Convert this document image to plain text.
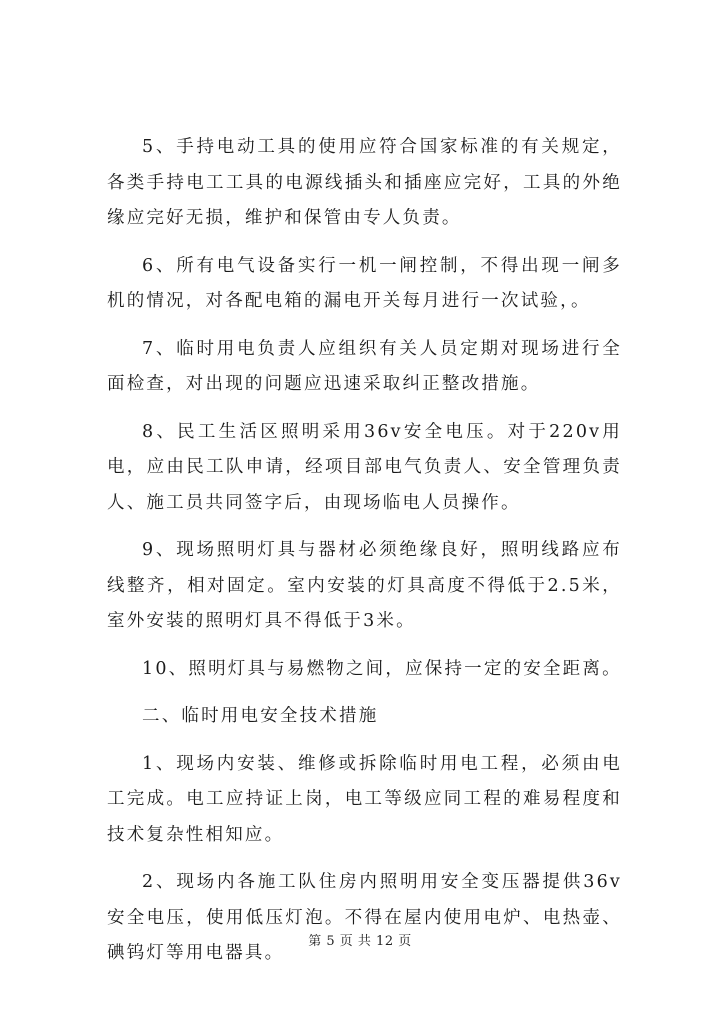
5、手持电动工具的使用应符合国家标准的有关规定，各类手持电工工具的电源线插头和插座应完好，工具的外绝缘应完好无损，维护和保管由专人负责。

6、所有电气设备实行一机一闸控制，不得出现一闸多机的情况，对各配电箱的漏电开关每月进行一次试验，。

7、临时用电负责人应组织有关人员定期对现场进行全面检查，对出现的问题应迅速采取纠正整改措施。

8、民工生活区照明采用36v安全电压。对于220v用电，应由民工队申请，经项目部电气负责人、安全管理负责人、施工员共同签字后，由现场临电人员操作。

9、现场照明灯具与器材必须绝缘良好，照明线路应布线整齐，相对固定。室内安装的灯具高度不得低于2.5米，室外安装的照明灯具不得低于3米。

10、照明灯具与易燃物之间，应保持一定的安全距离。

二、临时用电安全技术措施

1、现场内安装、维修或拆除临时用电工程，必须由电工完成。电工应持证上岗，电工等级应同工程的难易程度和技术复杂性相知应。

2、现场内各施工队住房内照明用安全变压器提供36v安全电压，使用低压灯泡。不得在屋内使用电炉、电热壶、碘钨灯等用电器具。

第 5 页 共 12 页
